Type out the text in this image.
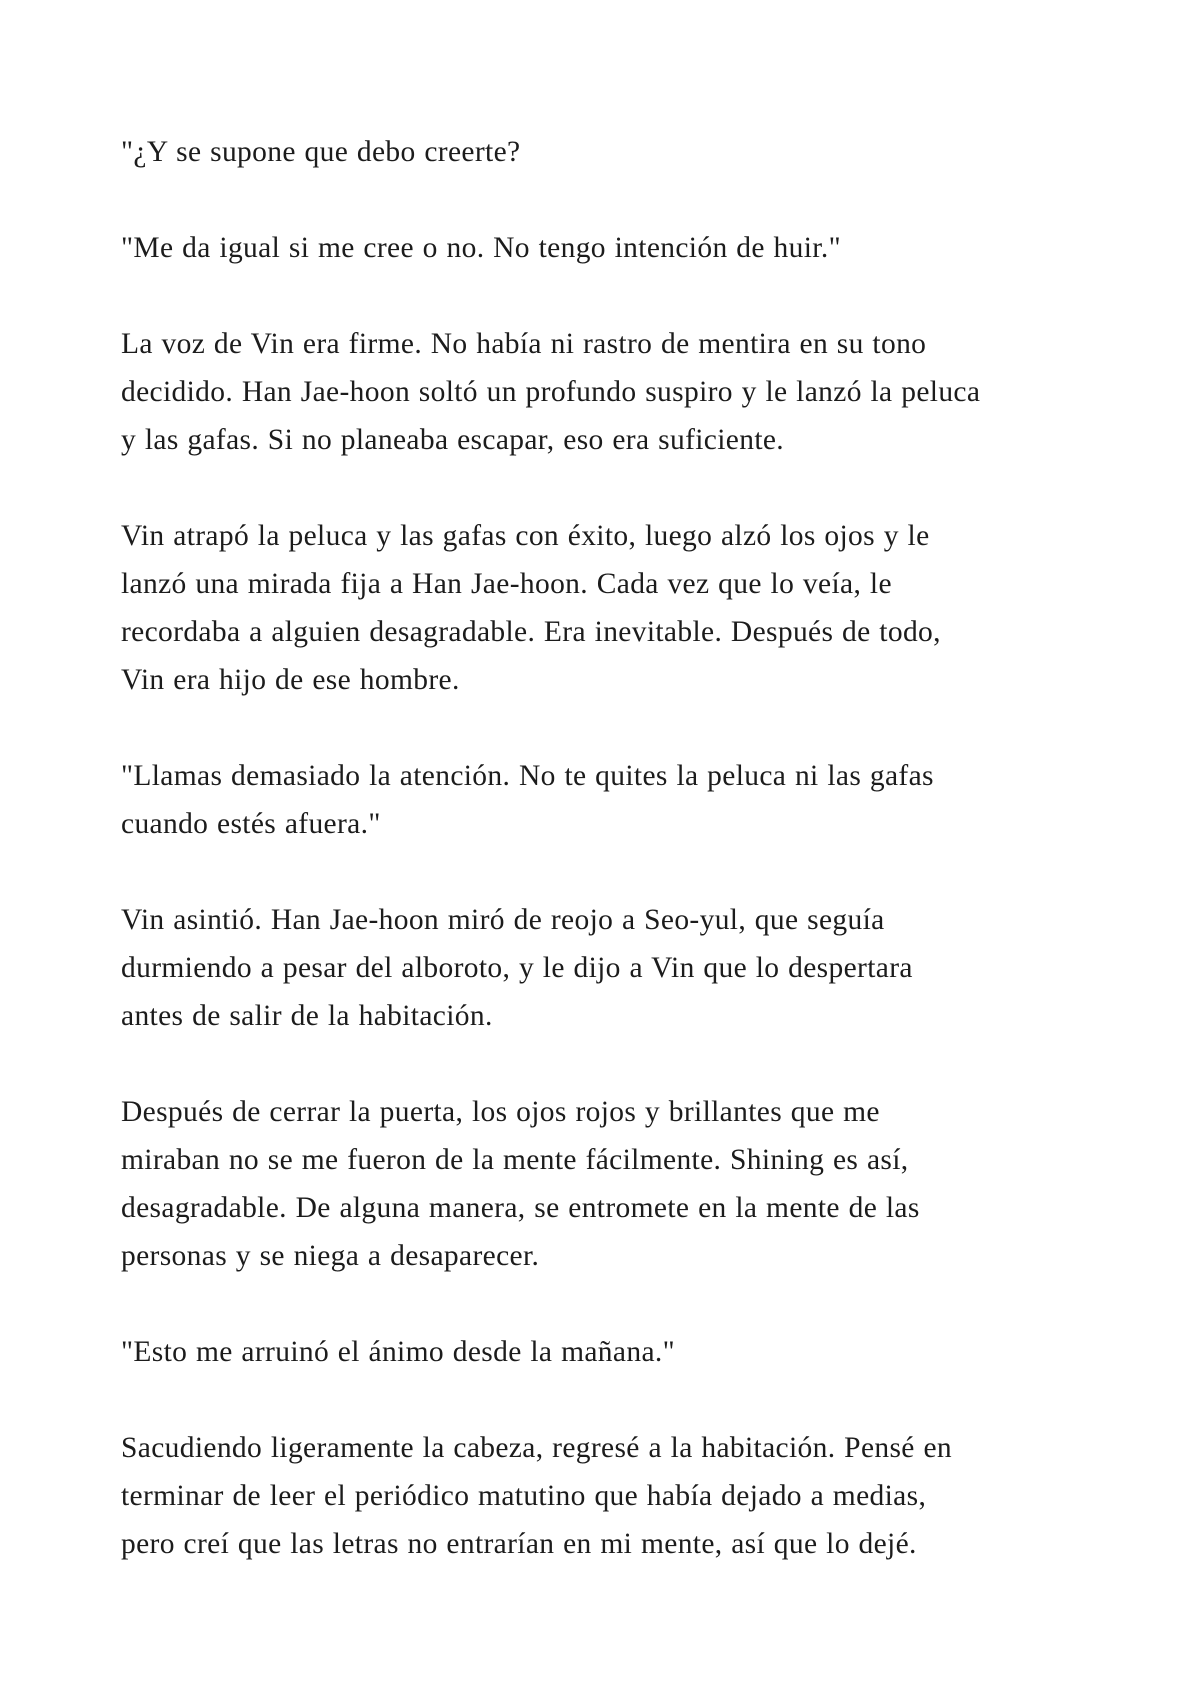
"¿Y se supone que debo creerte?

"Me da igual si me cree o no. No tengo intención de huir."

La voz de Vin era firme. No había ni rastro de mentira en su tono
decidido. Han Jae-hoon soltó un profundo suspiro y le lanzó la peluca
y las gafas. Si no planeaba escapar, eso era suficiente.

Vin atrapó la peluca y las gafas con éxito, luego alzó los ojos y le
lanzó una mirada fija a Han Jae-hoon. Cada vez que lo veía, le
recordaba a alguien desagradable. Era inevitable. Después de todo,
Vin era hijo de ese hombre.

"Llamas demasiado la atención. No te quites la peluca ni las gafas
cuando estés afuera."

Vin asintió. Han Jae-hoon miró de reojo a Seo-yul, que seguía
durmiendo a pesar del alboroto, y le dijo a Vin que lo despertara
antes de salir de la habitación.

Después de cerrar la puerta, los ojos rojos y brillantes que me
miraban no se me fueron de la mente fácilmente. Shining es así,
desagradable. De alguna manera, se entromete en la mente de las
personas y se niega a desaparecer.

"Esto me arruinó el ánimo desde la mañana."

Sacudiendo ligeramente la cabeza, regresé a la habitación. Pensé en
terminar de leer el periódico matutino que había dejado a medias,
pero creí que las letras no entrarían en mi mente, así que lo dejé.
